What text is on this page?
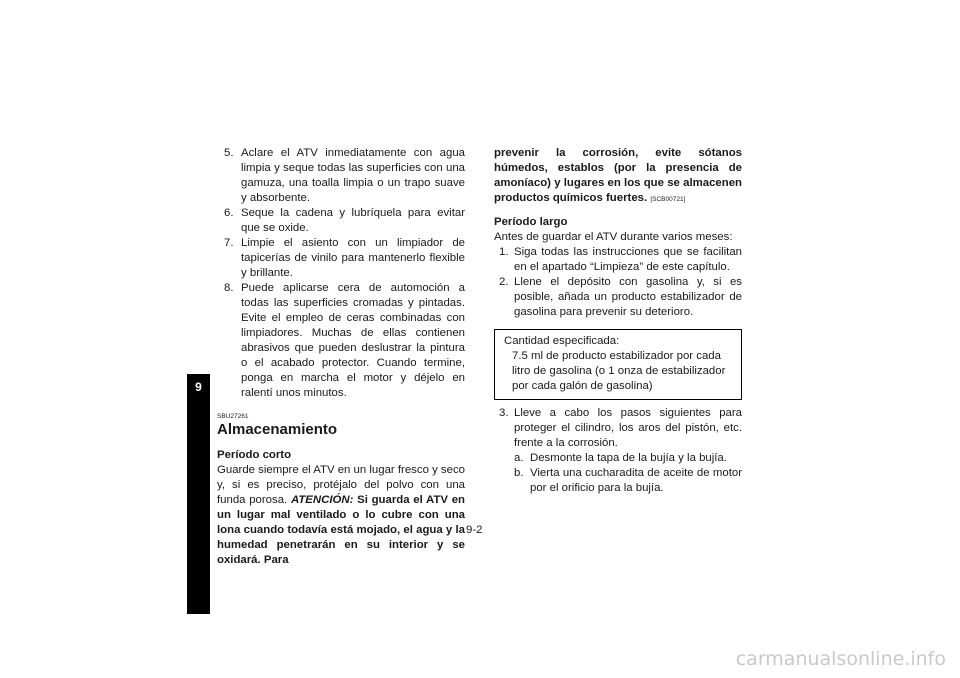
9
5. Aclare el ATV inmediatamente con agua limpia y seque todas las superficies con una gamuza, una toalla limpia o un trapo suave y absorbente.
6. Seque la cadena y lubríquela para evitar que se oxide.
7. Limpie el asiento con un limpiador de tapicerías de vinilo para mantenerlo flexible y brillante.
8. Puede aplicarse cera de automoción a todas las superficies cromadas y pintadas. Evite el empleo de ceras combinadas con limpiadores. Muchas de ellas contienen abrasivos que pueden deslustrar la pintura o el acabado protector. Cuando termine, ponga en marcha el motor y déjelo en ralentí unos minutos.
SBU27261
Almacenamiento
Período corto
Guarde siempre el ATV en un lugar fresco y seco y, si es preciso, protéjalo del polvo con una funda porosa. ATENCIÓN: Si guarda el ATV en un lugar mal ventilado o lo cubre con una lona cuando todavía está mojado, el agua y la humedad penetrarán en su interior y se oxidará. Para
prevenir la corrosión, evite sótanos húmedos, establos (por la presencia de amoníaco) y lugares en los que se almacenen productos químicos fuertes. [SCB00721]
Período largo
Antes de guardar el ATV durante varios meses:
1. Siga todas las instrucciones que se facilitan en el apartado “Limpieza” de este capítulo.
2. Llene el depósito con gasolina y, si es posible, añada un producto estabilizador de gasolina para prevenir su deterioro.
Cantidad especificada:
7.5 ml de producto estabilizador por cada litro de gasolina (o 1 onza de estabilizador por cada galón de gasolina)
3. Lleve a cabo los pasos siguientes para proteger el cilindro, los aros del pistón, etc. frente a la corrosión.
a. Desmonte la tapa de la bujía y la bujía.
b. Vierta una cucharadita de aceite de motor por el orificio para la bujía.
9-2
carmanualsonline.info
